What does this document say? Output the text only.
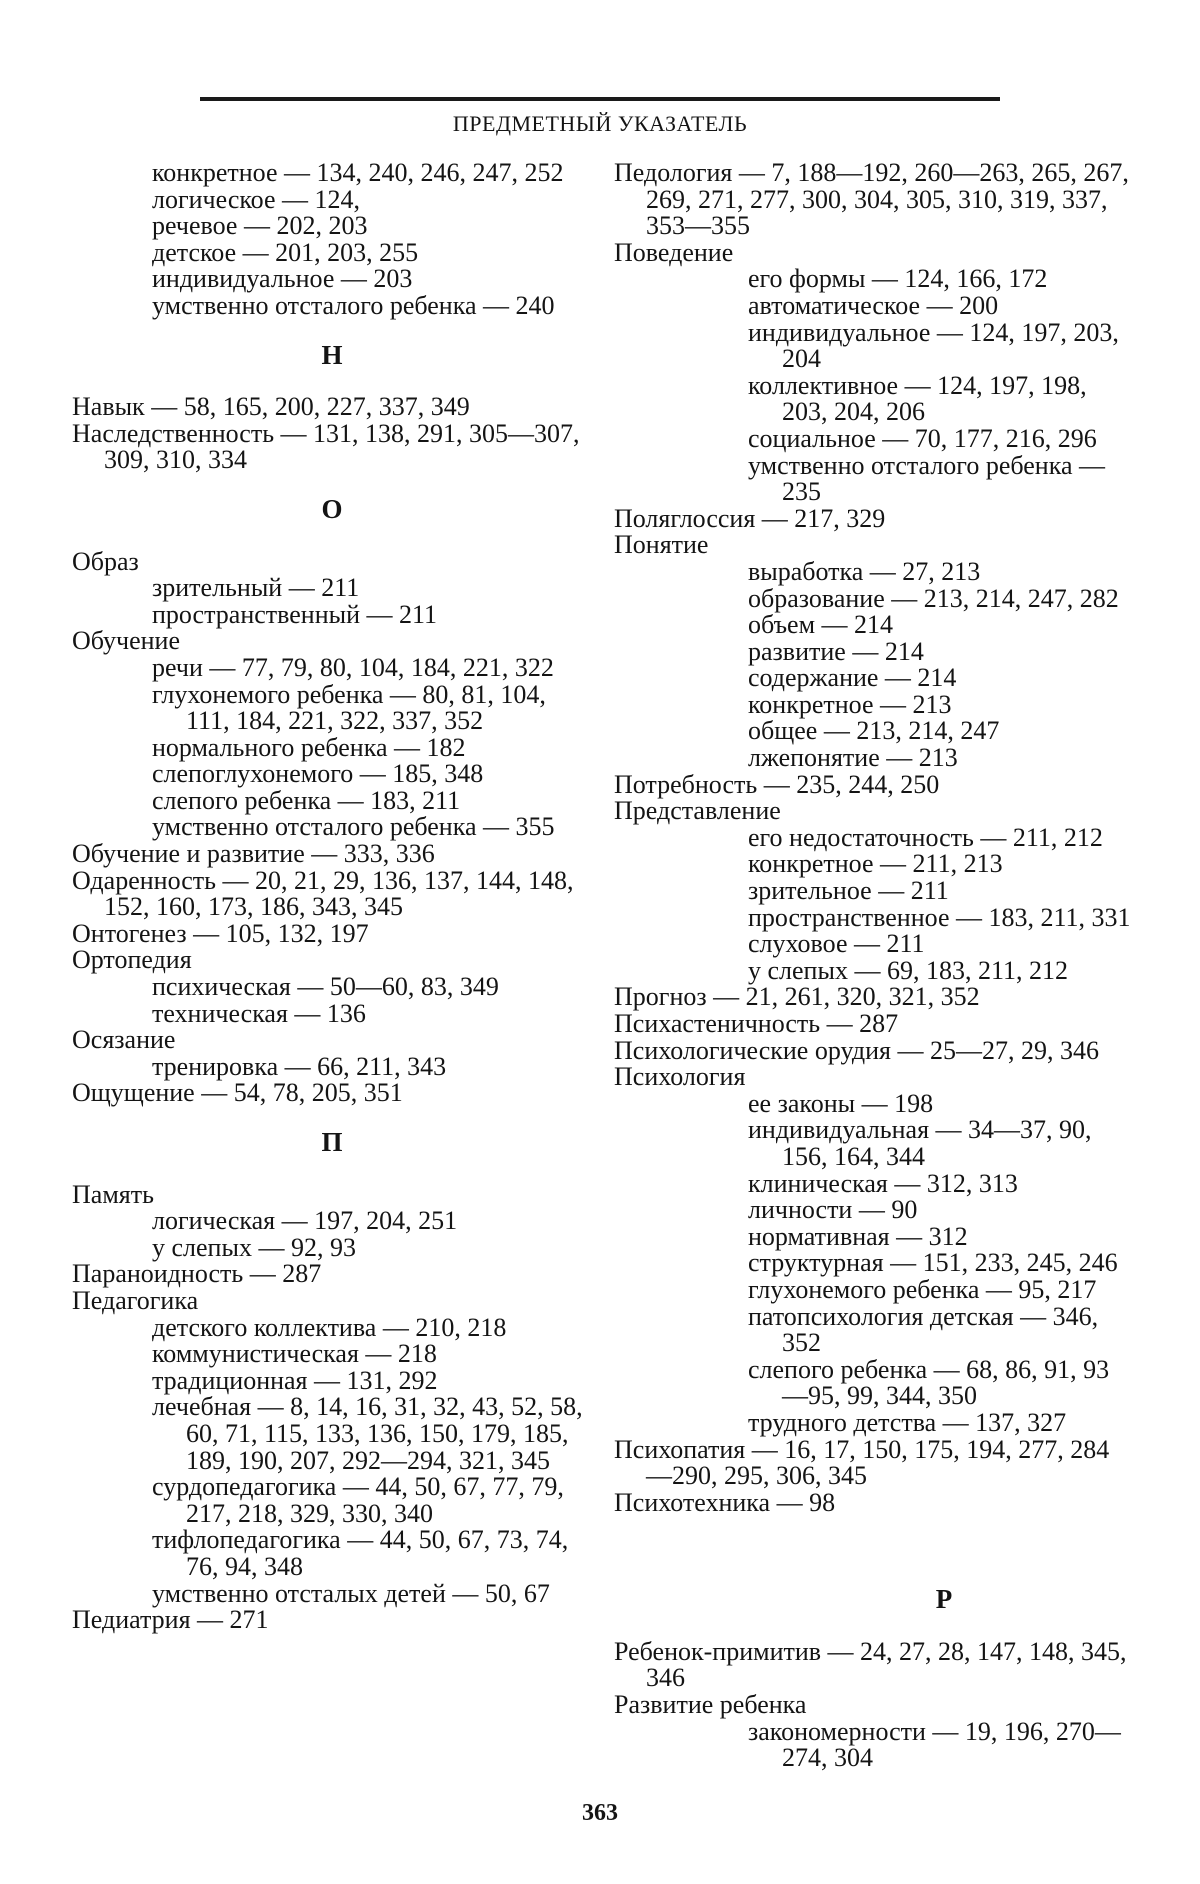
ПРЕДМЕТНЫЙ УКАЗАТЕЛЬ

конкретное — 134, 240, 246, 247, 252

логическое — 124,

речевое — 202, 203

детское — 201, 203, 255

индивидуальное — 203

умственно отсталого ребенка — 240

Н

Навык — 58, 165, 200, 227, 337, 349

Наследственность — 131, 138, 291, 305—307, 309, 310, 334

О

Образ

зрительный — 211

пространственный — 211

Обучение

речи — 77, 79, 80, 104, 184, 221, 322

глухонемого ребенка — 80, 81, 104, 111, 184, 221, 322, 337, 352

нормального ребенка — 182

слепоглухонемого — 185, 348

слепого ребенка — 183, 211

умственно отсталого ребенка — 355

Обучение и развитие — 333, 336

Одаренность — 20, 21, 29, 136, 137, 144, 148, 152, 160, 173, 186, 343, 345

Онтогенез — 105, 132, 197

Ортопедия

психическая — 50—60, 83, 349

техническая — 136

Осязание

тренировка — 66, 211, 343

Ощущение — 54, 78, 205, 351

П

Память

логическая — 197, 204, 251

у слепых — 92, 93

Параноидность — 287

Педагогика

детского коллектива — 210, 218

коммунистическая — 218

традиционная — 131, 292

лечебная — 8, 14, 16, 31, 32, 43, 52, 58, 60, 71, 115, 133, 136, 150, 179, 185, 189, 190, 207, 292—294, 321, 345

сурдопедагогика — 44, 50, 67, 77, 79, 217, 218, 329, 330, 340

тифлопедагогика — 44, 50, 67, 73, 74, 76, 94, 348

умственно отсталых детей — 50, 67

Педиатрия — 271

Педология — 7, 188—192, 260—263, 265, 267, 269, 271, 277, 300, 304, 305, 310, 319, 337, 353—355

Поведение

его формы — 124, 166, 172

автоматическое — 200

индивидуальное — 124, 197, 203, 204

коллективное — 124, 197, 198, 203, 204, 206

социальное — 70, 177, 216, 296

умственно отсталого ребенка — 235

Поляглоссия — 217, 329

Понятие

выработка — 27, 213

образование — 213, 214, 247, 282

объем — 214

развитие — 214

содержание — 214

конкретное — 213

общее — 213, 214, 247

лжепонятие — 213

Потребность — 235, 244, 250

Представление

его недостаточность — 211, 212

конкретное — 211, 213

зрительное — 211

пространственное — 183, 211, 331

слуховое — 211

у слепых — 69, 183, 211, 212

Прогноз — 21, 261, 320, 321, 352

Психастеничность — 287

Психологические орудия — 25—27, 29, 346

Психология

ее законы — 198

индивидуальная — 34—37, 90, 156, 164, 344

клиническая — 312, 313

личности — 90

нормативная — 312

структурная — 151, 233, 245, 246

глухонемого ребенка — 95, 217

патопсихология детская — 346, 352

слепого ребенка — 68, 86, 91, 93—95, 99, 344, 350

трудного детства — 137, 327

Психопатия — 16, 17, 150, 175, 194, 277, 284—290, 295, 306, 345

Психотехника — 98

Р

Ребенок-примитив — 24, 27, 28, 147, 148, 345, 346

Развитие ребенка

закономерности — 19, 196, 270—274, 304

363
